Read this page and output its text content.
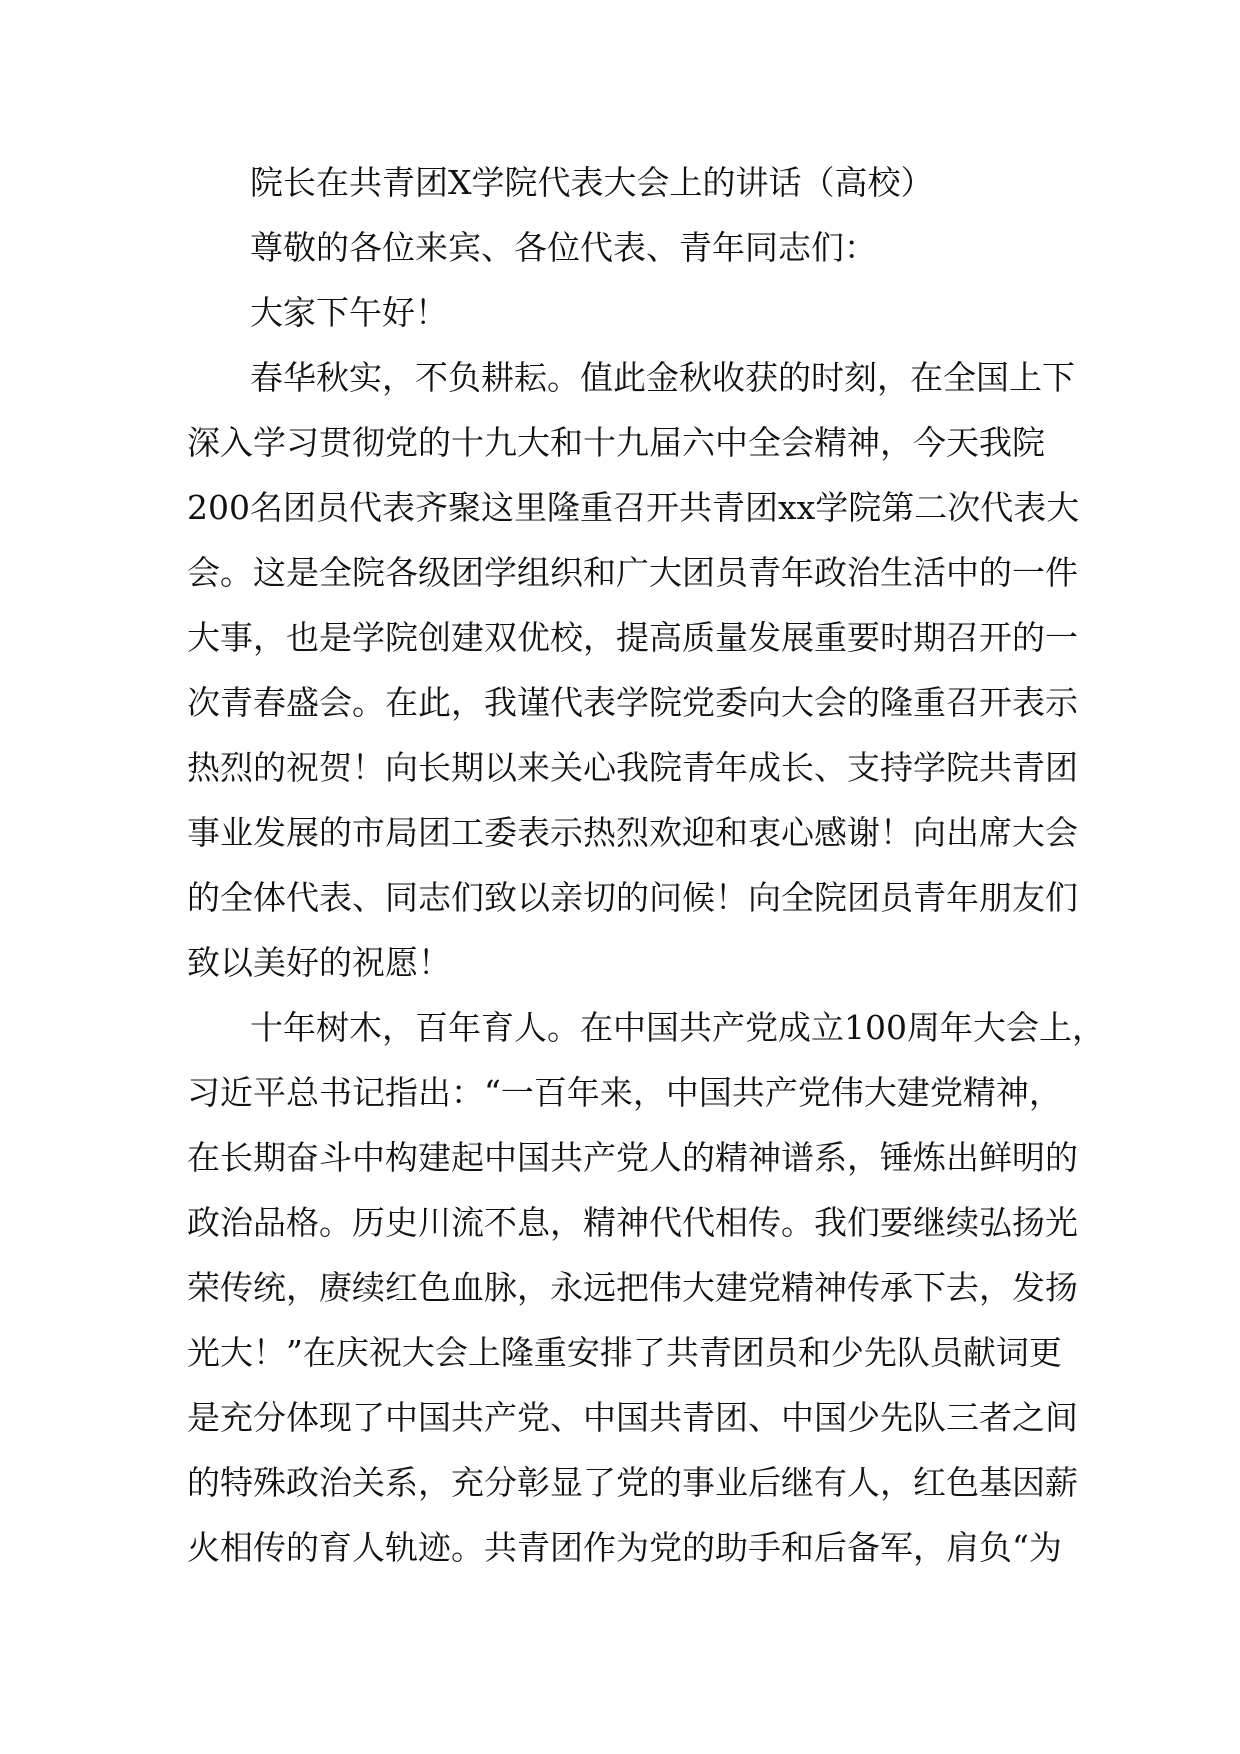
院长在共青团X学院代表大会上的讲话（高校）
尊敬的各位来宾、各位代表、青年同志们：
大家下午好！
春华秋实，不负耕耘。值此金秋收获的时刻，在全国上下
深入学习贯彻党的十九大和十九届六中全会精神，今天我院
200名团员代表齐聚这里隆重召开共青团xx学院第二次代表大
会。这是全院各级团学组织和广大团员青年政治生活中的一件
大事，也是学院创建双优校，提高质量发展重要时期召开的一
次青春盛会。在此，我谨代表学院党委向大会的隆重召开表示
热烈的祝贺！向长期以来关心我院青年成长、支持学院共青团
事业发展的市局团工委表示热烈欢迎和衷心感谢！向出席大会
的全体代表、同志们致以亲切的问候！向全院团员青年朋友们
致以美好的祝愿！
十年树木，百年育人。在中国共产党成立100周年大会上，
习近平总书记指出：“一百年来，中国共产党伟大建党精神，
在长期奋斗中构建起中国共产党人的精神谱系，锤炼出鲜明的
政治品格。历史川流不息，精神代代相传。我们要继续弘扬光
荣传统，赓续红色血脉，永远把伟大建党精神传承下去，发扬
光大！”在庆祝大会上隆重安排了共青团员和少先队员献词更
是充分体现了中国共产党、中国共青团、中国少先队三者之间
的特殊政治关系，充分彰显了党的事业后继有人，红色基因薪
火相传的育人轨迹。共青团作为党的助手和后备军，肩负“为
